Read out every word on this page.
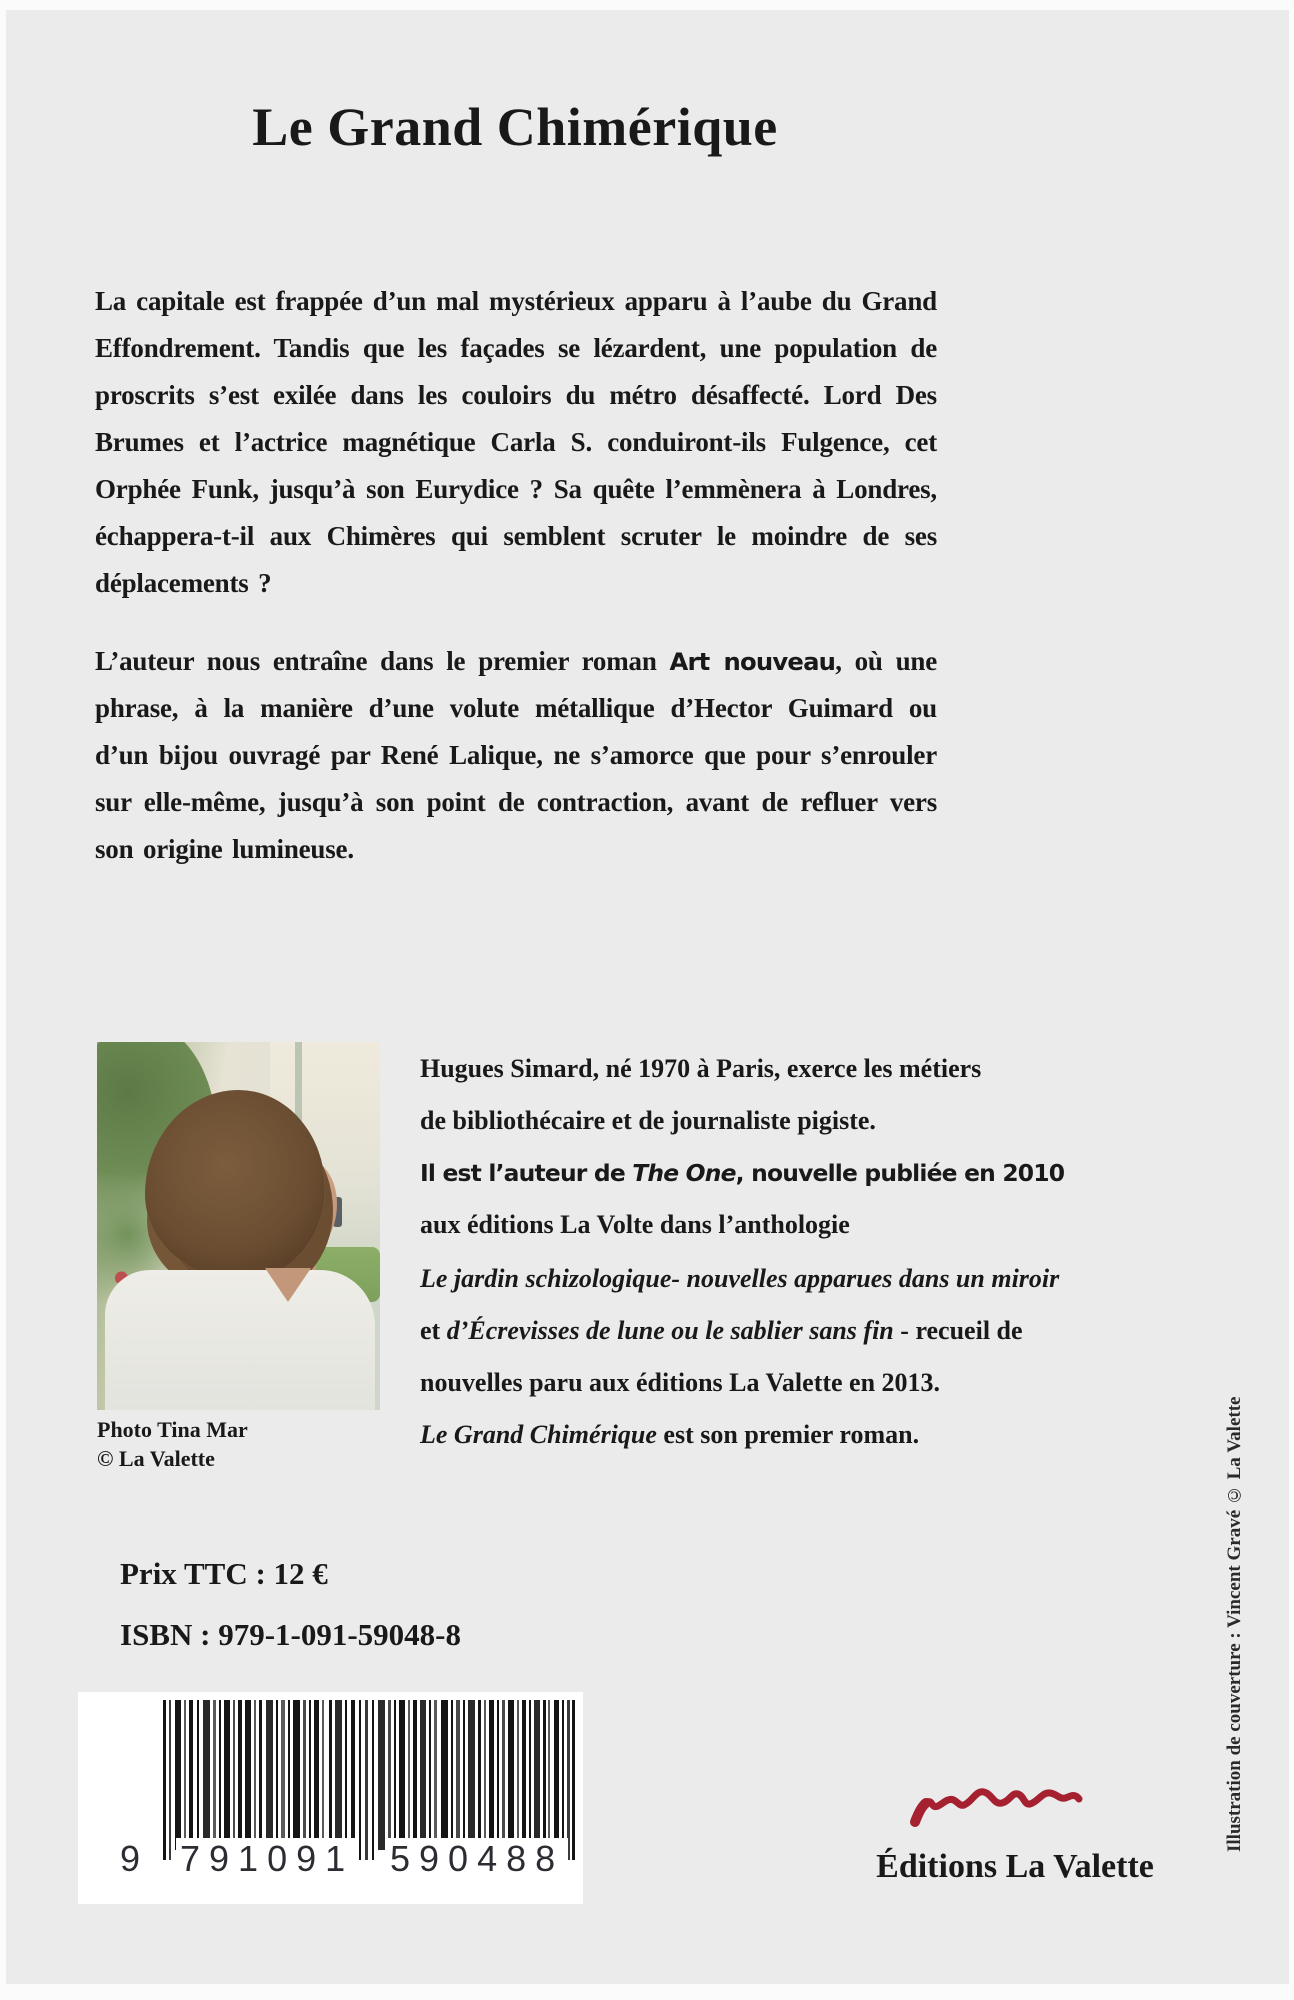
Le Grand Chimérique
La capitale est frappée d’un mal mystérieux apparu à l’aube du Grand Effondrement. Tandis que les façades se lézardent, une population de proscrits s’est exilée dans les couloirs du métro désaffecté. Lord Des Brumes et l’actrice magnétique Carla S. conduiront-ils Fulgence, cet Orphée Funk, jusqu’à son Eurydice ? Sa quête l’emmènera à Londres, échappera-t-il aux Chimères qui semblent scruter le moindre de ses déplacements ?
L’auteur nous entraîne dans le premier roman Art nouveau, où une phrase, à la manière d’une volute métallique d’Hector Guimard ou d’un bijou ouvragé par René Lalique, ne s’amorce que pour s’enrouler sur elle-même, jusqu’à son point de contraction, avant de refluer vers son origine lumineuse.
Photo Tina Mar
© La Valette
Hugues Simard, né 1970 à Paris, exerce les métiers
de bibliothécaire et de journaliste pigiste.
Il est l’auteur de The One, nouvelle publiée en 2010
aux éditions La Volte dans l’anthologie
Le jardin schizologique- nouvelles apparues dans un miroir
et d’Écrevisses de lune ou le sablier sans fin - recueil de
nouvelles paru aux éditions La Valette en 2013.
Le Grand Chimérique est son premier roman.
Prix TTC : 12 €
ISBN : 979-1-091-59048-8
9 791091 590488	Éditions La Valette
Illustration de couverture : Vincent Gravé © La Valette
